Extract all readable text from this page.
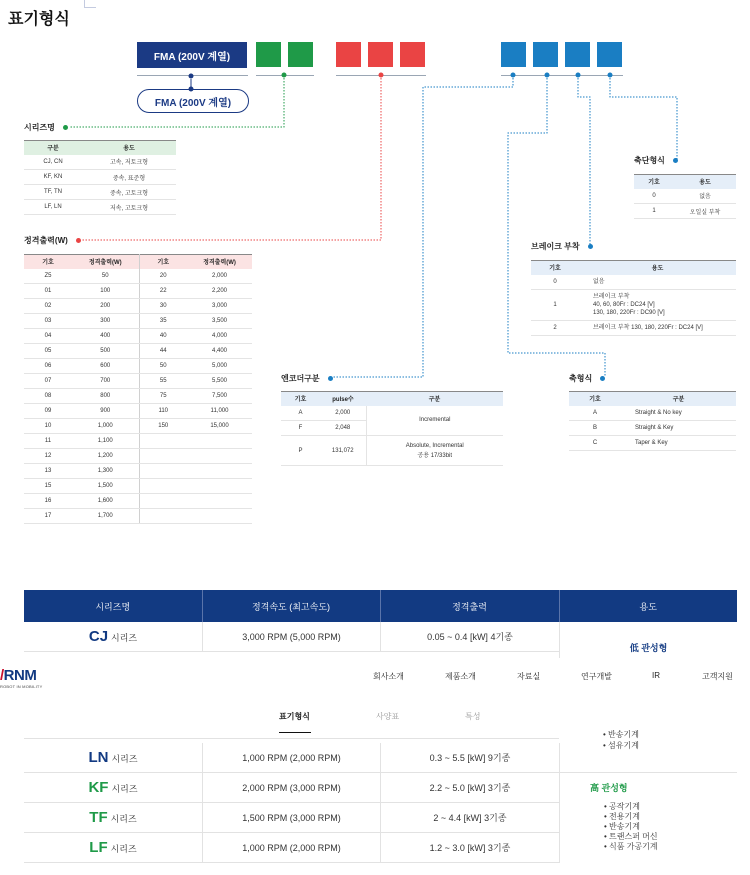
표기형식
FMA (200V 계열)
FMA (200V 계열)
시리즈명
구분	용도
CJ, CN	고속, 저토크형
KF, KN	중속, 표준형
TF, TN	중속, 고토크형
LF, LN	저속, 고토크형
정격출력(W)
기호	정격출력(W)	기호	정격출력(W)
Z5	50	20	2,000
01	100	22	2,200
02	200	30	3,000
03	300	35	3,500
04	400	40	4,000
05	500	44	4,400
06	600	50	5,000
07	700	55	5,500
08	800	75	7,500
09	900	110	11,000
10	1,000	150	15,000
11	1,100		
12	1,200		
13	1,300		
15	1,500		
16	1,600		
17	1,700		
축단형식
기호	용도
0	없음
1	오일실 부착
브레이크 부착
기호	용도
0	없음

1	브레이크 부착
40, 60, 80Fr : DC24 [V]
130, 180, 220Fr : DC90 [V]

2	브레이크 부착 130, 180, 220Fr : DC24 [V]
엔코더구분
기호	pulse수	구분
A	2,000	Incremental
F	2,048	
P	131,072	Absolute, Incremental
공용 17/33bit
축형식
기호	구분
A	Straight & No key
B	Straight & Key
C	Taper & Key
시리즈명	정격속도 (최고속도)	정격출력	용도
CJ 시리즈	3,000 RPM (5,000 RPM)	0.05 ~ 0.4 [kW] 4기종
低 관성형
/RNM
ROBOT IN MOBILITY
회사소개	제품소개	자료실	연구개발	IR	고객지원
표기형식	사양표	특성
• 반송기계
• 섬유기계
LN 시리즈	1,000 RPM (2,000 RPM)	0.3 ~ 5.5 [kW] 9기종
KF 시리즈	2,000 RPM (3,000 RPM)	2.2 ~ 5.0 [kW] 3기종
TF 시리즈	1,500 RPM (3,000 RPM)	2 ~ 4.4 [kW] 3기종
LF 시리즈	1,000 RPM (2,000 RPM)	1.2 ~ 3.0 [kW] 3기종
高 관성형
• 공작기계
• 전용기계
• 반송기계
• 트랜스퍼 머신
• 식품 가공기계
